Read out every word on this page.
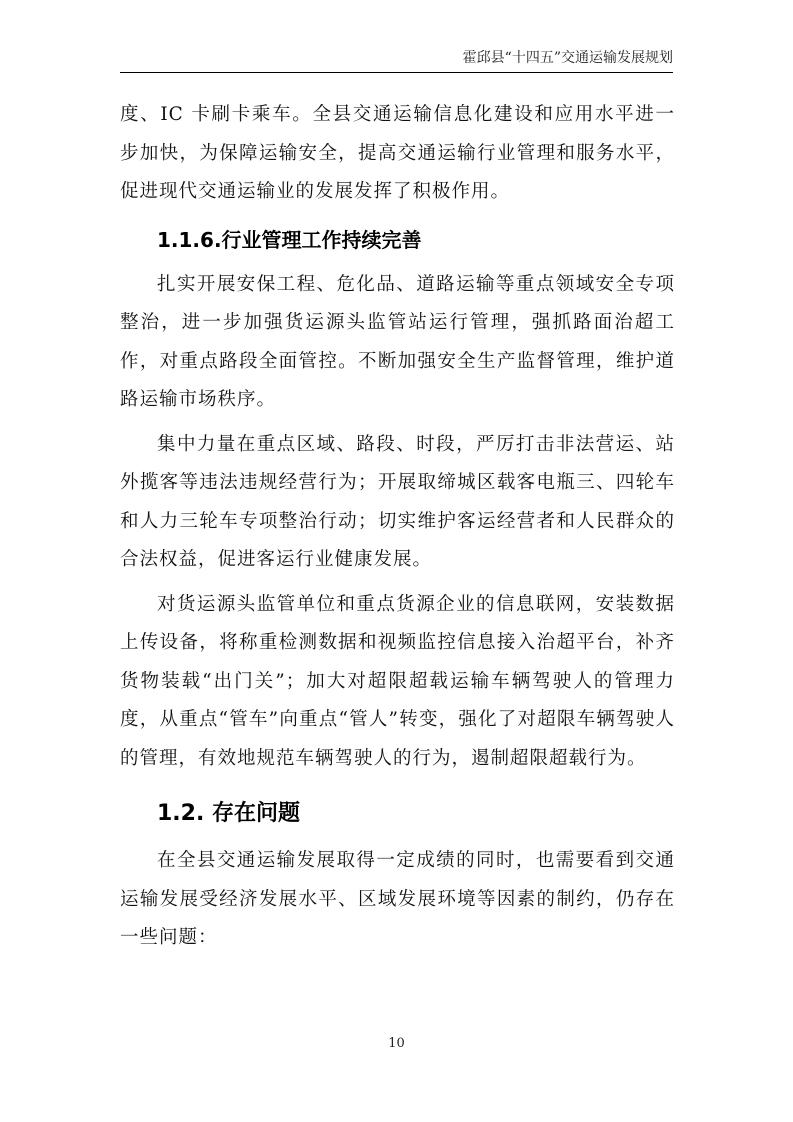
霍邱县“十四五”交通运输发展规划

度、IC 卡刷卡乘车。全县交通运输信息化建设和应用水平进一步加快，为保障运输安全，提高交通运输行业管理和服务水平，促进现代交通运输业的发展发挥了积极作用。

1.1.6.行业管理工作持续完善

扎实开展安保工程、危化品、道路运输等重点领域安全专项整治，进一步加强货运源头监管站运行管理，强抓路面治超工作，对重点路段全面管控。不断加强安全生产监督管理，维护道路运输市场秩序。

集中力量在重点区域、路段、时段，严厉打击非法营运、站外揽客等违法违规经营行为；开展取缔城区载客电瓶三、四轮车和人力三轮车专项整治行动；切实维护客运经营者和人民群众的合法权益，促进客运行业健康发展。

对货运源头监管单位和重点货源企业的信息联网，安装数据上传设备，将称重检测数据和视频监控信息接入治超平台，补齐货物装载“出门关”；加大对超限超载运输车辆驾驶人的管理力度，从重点“管车”向重点“管人”转变，强化了对超限车辆驾驶人的管理，有效地规范车辆驾驶人的行为，遏制超限超载行为。

1.2. 存在问题

在全县交通运输发展取得一定成绩的同时，也需要看到交通运输发展受经济发展水平、区域发展环境等因素的制约，仍存在一些问题：

10
